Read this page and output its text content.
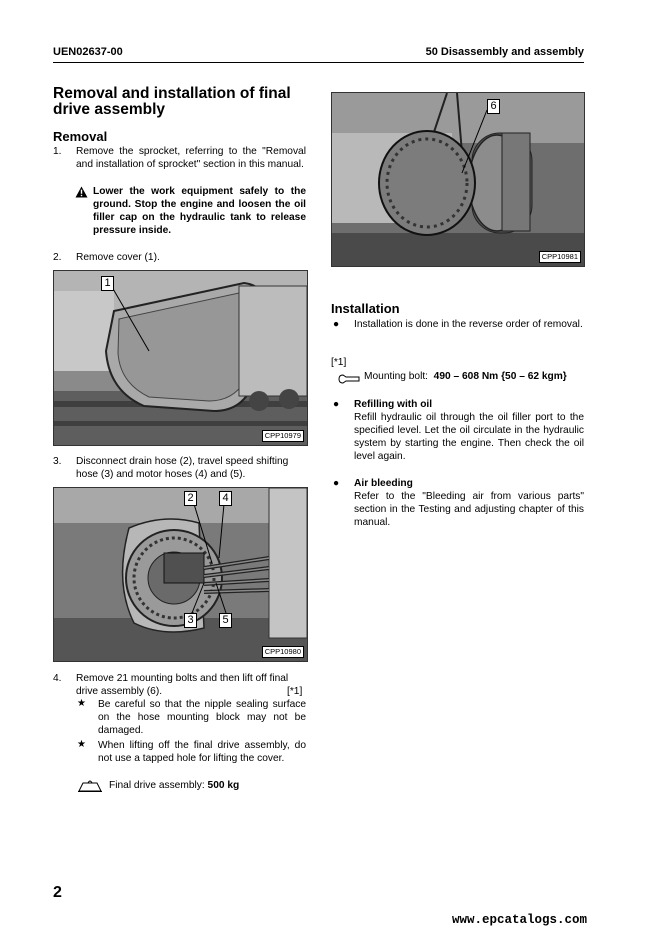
UEN02637-00	50 Disassembly and assembly
Removal and installation of final drive assembly
Removal
1. Remove the sprocket, referring to the "Removal and installation of sprocket" section in this manual.
Lower the work equipment safely to the ground. Stop the engine and loosen the oil filler cap on the hydraulic tank to release pressure inside.
2. Remove cover (1).
1
CPP10979
3. Disconnect drain hose (2), travel speed shifting hose (3) and motor hoses (4) and (5).
2	4
3	5
CPP10980
4. Remove 21 mounting bolts and then lift off final drive assembly (6).	[*1]
★ Be careful so that the nipple sealing surface on the hose mounting block may not be damaged.
★ When lifting off the final drive assembly, do not use a tapped hole for lifting the cover.
Final drive assembly: 500 kg
6
CPP10981
Installation
● Installation is done in the reverse order of removal.
[*1]
Mounting bolt: 490 – 608 Nm {50 – 62 kgm}
● Refilling with oil
Refill hydraulic oil through the oil filler port to the specified level. Let the oil circulate in the hydraulic system by starting the engine. Then check the oil level again.
● Air bleeding
Refer to the "Bleeding air from various parts" section in the Testing and adjusting chapter of this manual.
2
www.epcatalogs.com
